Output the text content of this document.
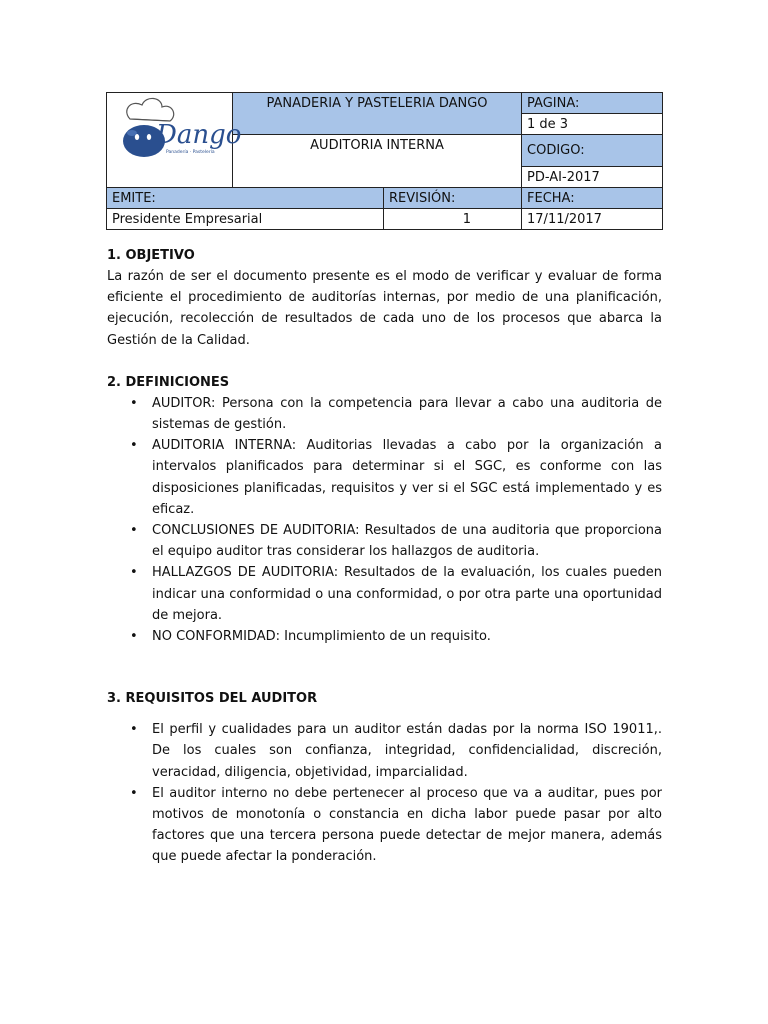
Dango
Panadería · Pastelería	PANADERIA Y PASTELERIA DANGO		PAGINA:
			1 de 3
	AUDITORIA INTERNA		CODIGO:
			PD-AI-2017
EMITE:		REVISIÓN:	FECHA:
Presidente Empresarial		1	17/11/2017
1. OBJETIVO

La razón de ser el documento presente es el modo de verificar y evaluar de forma eficiente el procedimiento de auditorías internas, por medio de una planificación, ejecución, recolección de resultados de cada uno de los procesos que abarca la Gestión de la Calidad.

2. DEFINICIONES
• AUDITOR: Persona con la competencia para llevar a cabo una auditoria de sistemas de gestión.
• AUDITORIA INTERNA: Auditorias llevadas a cabo por la organización a intervalos planificados para determinar si el SGC, es conforme con las disposiciones planificadas, requisitos y ver si el SGC está implementado y es eficaz.
• CONCLUSIONES DE AUDITORIA: Resultados de una auditoria que proporciona el equipo auditor tras considerar los hallazgos de auditoria.
• HALLAZGOS DE AUDITORIA: Resultados de la evaluación, los cuales pueden indicar una conformidad o una conformidad, o por otra parte una oportunidad de mejora.
• NO CONFORMIDAD: Incumplimiento de un requisito.
3. REQUISITOS DEL AUDITOR
• El perfil y cualidades para un auditor están dadas por la norma ISO 19011,. De los cuales son confianza, integridad, confidencialidad, discreción, veracidad, diligencia, objetividad, imparcialidad.
• El auditor interno no debe pertenecer al proceso que va a auditar, pues por motivos de monotonía o constancia en dicha labor puede pasar por alto factores que una tercera persona puede detectar de mejor manera, además que puede afectar la ponderación.
